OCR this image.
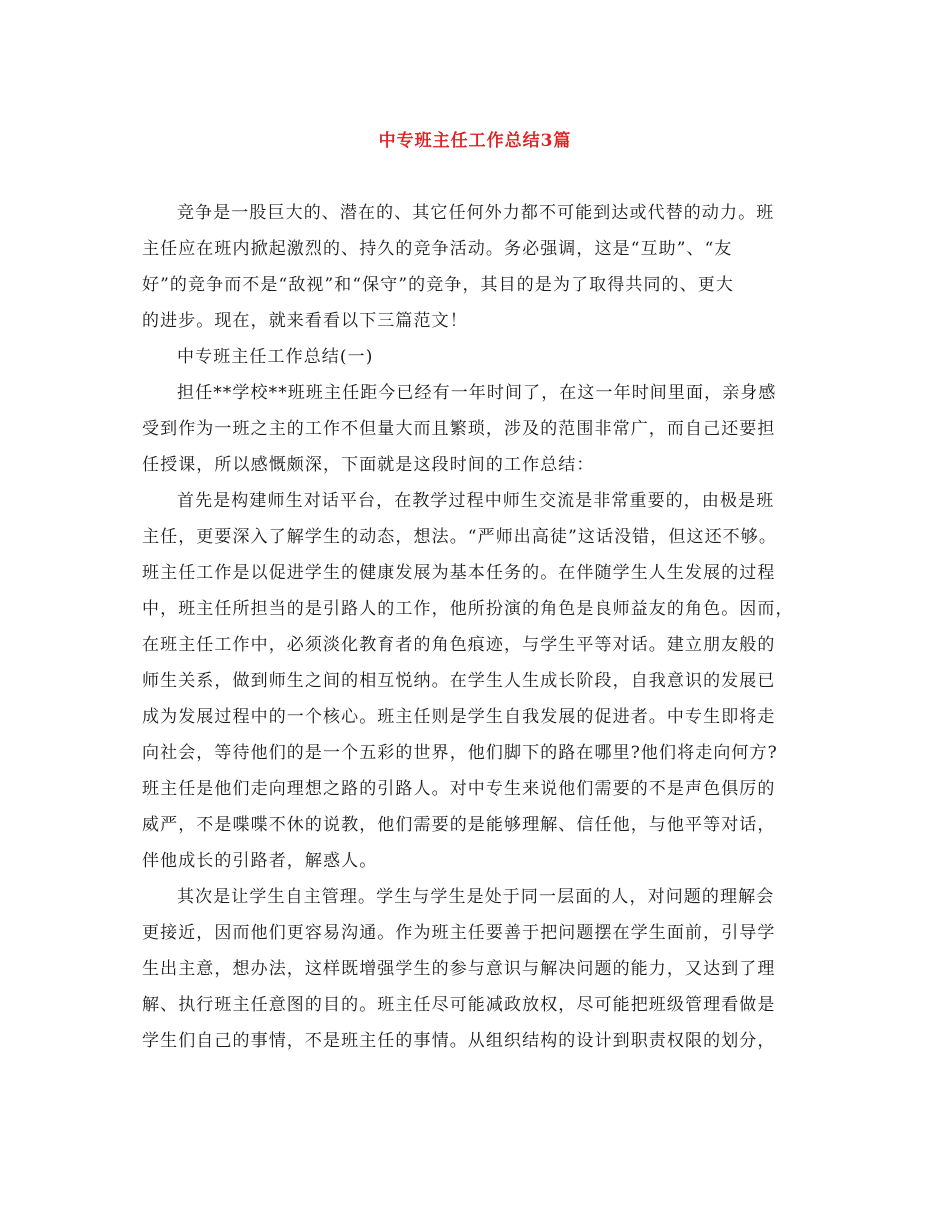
中专班主任工作总结3篇
竞争是一股巨大的、潜在的、其它任何外力都不可能到达或代替的动力。班
主任应在班内掀起激烈的、持久的竞争活动。务必强调，这是“互助”、“友
好”的竞争而不是“敌视”和“保守”的竞争，其目的是为了取得共同的、更大
的进步。现在，就来看看以下三篇范文！
中专班主任工作总结(一)
担任**学校**班班主任距今已经有一年时间了，在这一年时间里面，亲身感
受到作为一班之主的工作不但量大而且繁琐，涉及的范围非常广，而自己还要担
任授课，所以感慨颇深，下面就是这段时间的工作总结：
首先是构建师生对话平台，在教学过程中师生交流是非常重要的，由极是班
主任，更要深入了解学生的动态，想法。“严师出高徒”这话没错，但这还不够。
班主任工作是以促进学生的健康发展为基本任务的。在伴随学生人生发展的过程
中，班主任所担当的是引路人的工作，他所扮演的角色是良师益友的角色。因而，
在班主任工作中，必须淡化教育者的角色痕迹，与学生平等对话。建立朋友般的
师生关系，做到师生之间的相互悦纳。在学生人生成长阶段，自我意识的发展已
成为发展过程中的一个核心。班主任则是学生自我发展的促进者。中专生即将走
向社会，等待他们的是一个五彩的世界，他们脚下的路在哪里?他们将走向何方?
班主任是他们走向理想之路的引路人。对中专生来说他们需要的不是声色俱厉的
威严，不是喋喋不休的说教，他们需要的是能够理解、信任他，与他平等对话，
伴他成长的引路者，解惑人。
其次是让学生自主管理。学生与学生是处于同一层面的人，对问题的理解会
更接近，因而他们更容易沟通。作为班主任要善于把问题摆在学生面前，引导学
生出主意，想办法，这样既增强学生的参与意识与解决问题的能力，又达到了理
解、执行班主任意图的目的。班主任尽可能减政放权，尽可能把班级管理看做是
学生们自己的事情，不是班主任的事情。从组织结构的设计到职责权限的划分，
